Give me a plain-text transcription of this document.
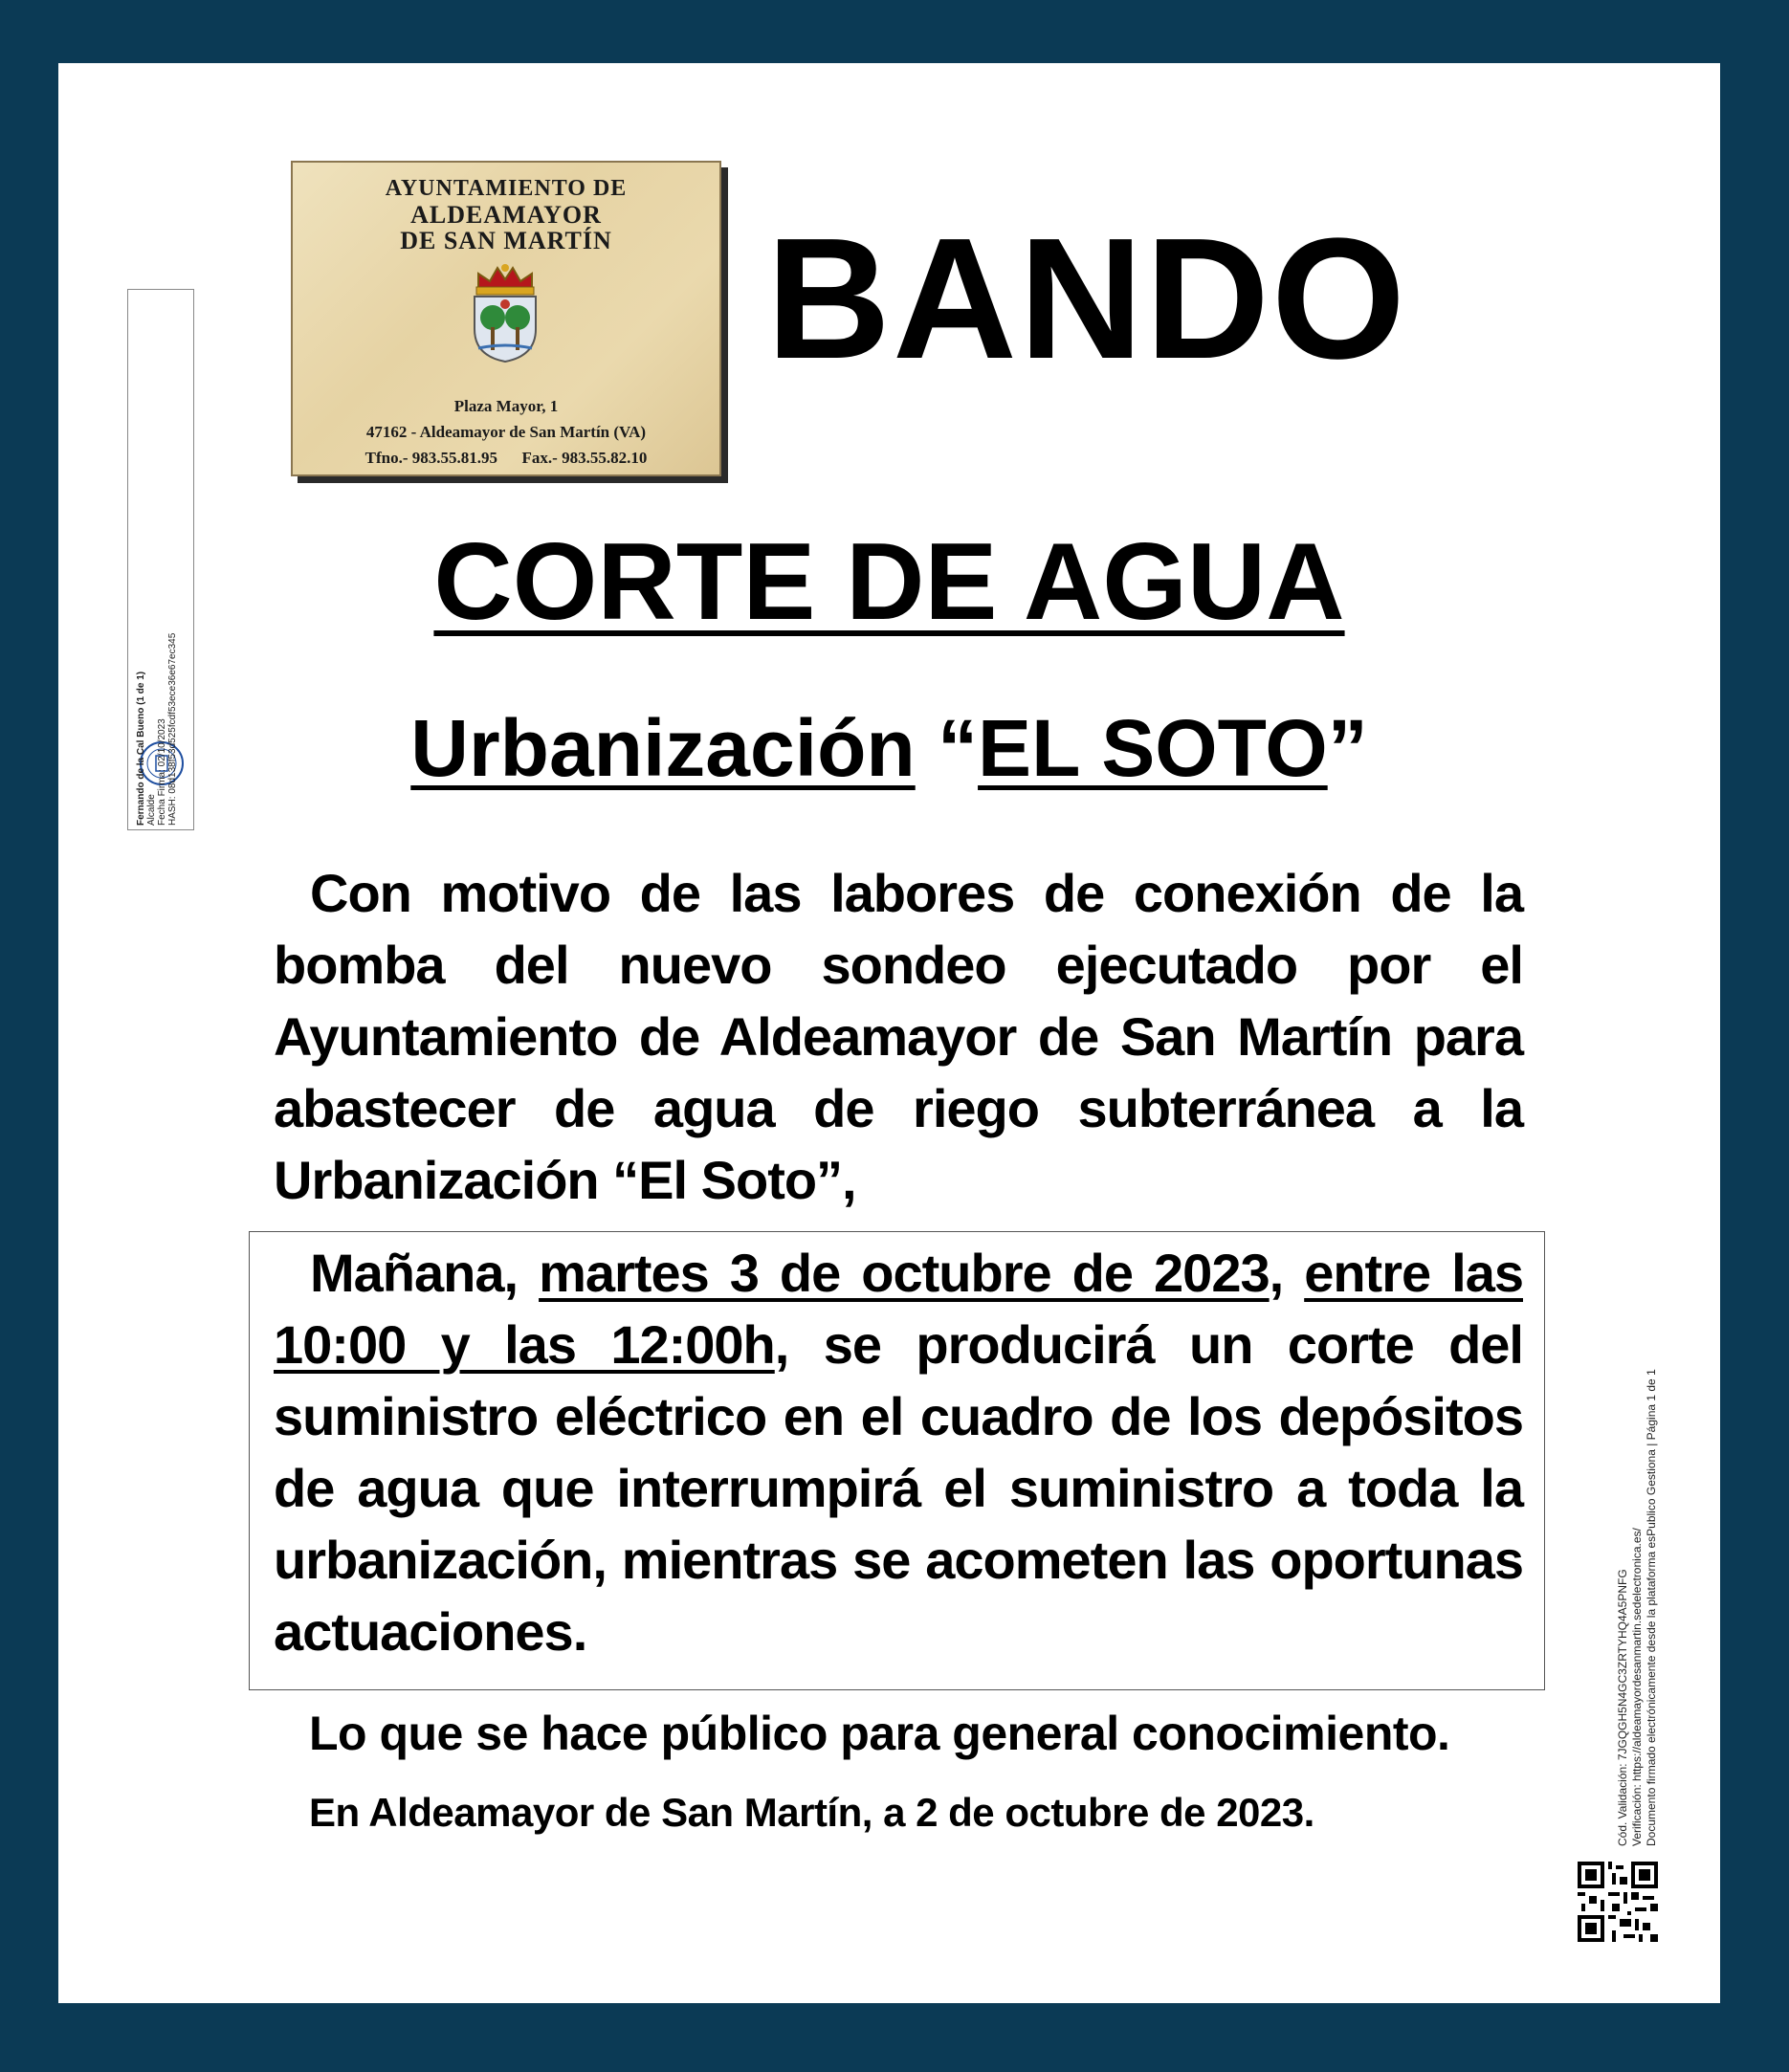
Fernando de la Cal Bueno (1 de 1) Alcalde Fecha Firma: 02/10/2023 HASH: 08d138f53d525fcdf53ece36e67ec345
AYUNTAMIENTO DE
ALDEAMAYOR
DE SAN MARTÍN
Plaza Mayor, 1
47162 - Aldeamayor de San Martín (VA)
Tfno.- 983.55.81.95 Fax.- 983.55.82.10
BANDO
CORTE DE AGUA
Urbanización “EL SOTO”
Con motivo de las labores de conexión de la bomba del nuevo sondeo ejecutado por el Ayuntamiento de Aldeamayor de San Martín para abastecer de agua de riego subterránea a la Urbanización “El Soto”,
Mañana, martes 3 de octubre de 2023, entre las 10:00 y las 12:00h, se producirá un corte del suministro eléctrico en el cuadro de los depósitos de agua que interrumpirá el suministro a toda la urbanización, mientras se acometen las oportunas actuaciones.
Lo que se hace público para general conocimiento.
En Aldeamayor de San Martín, a 2 de octubre de 2023.	Cód. Validación: 7JGQGH5N4GC3ZRTYHQ4A5PNFG Verificación: https://aldeamayordesanmartin.sedelectronica.es/ Documento firmado electrónicamente desde la plataforma esPublico Gestiona | Página 1 de 1
